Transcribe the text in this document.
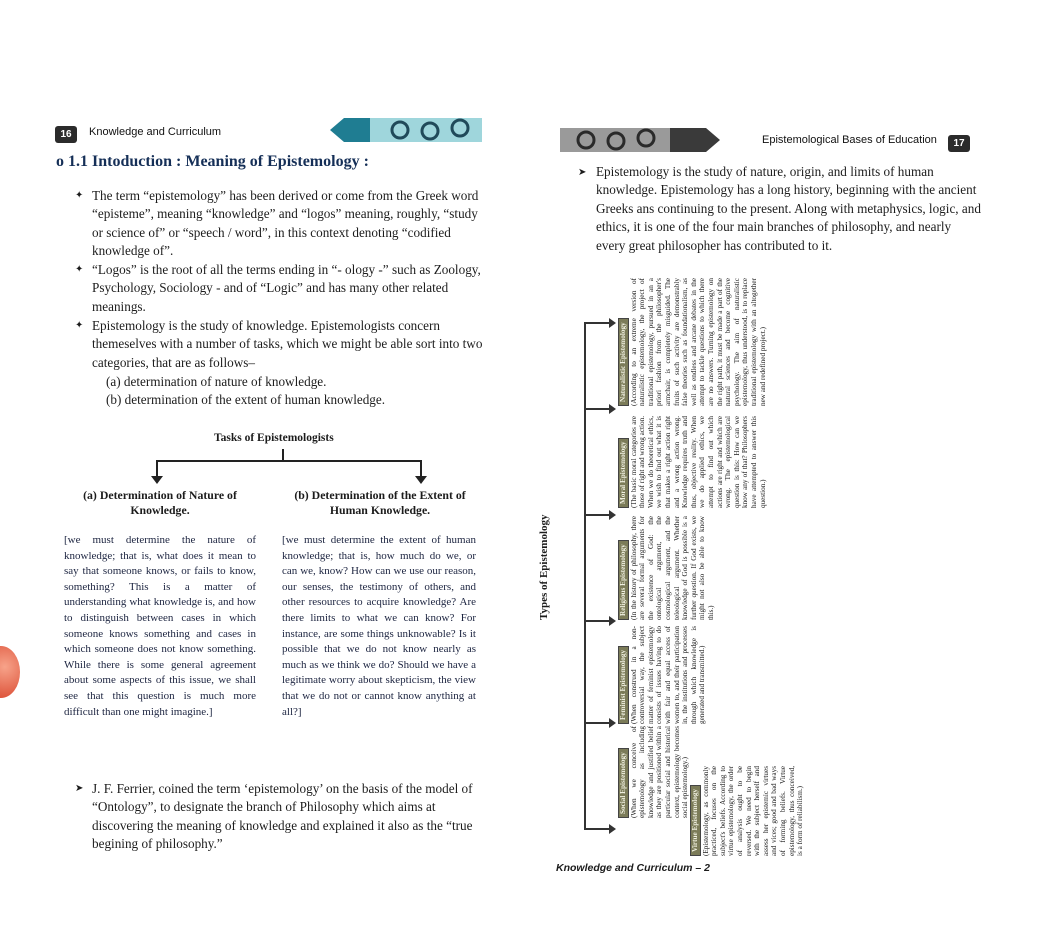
16	Knowledge and Curriculum
o 1.1 Intoduction : Meaning of Epistemology :
✦ The term “epistemology” has been derived or come from the Greek word “episteme”, meaning “knowledge” and “logos” meaning, roughly, “study or science of” or “speech / word”, in this context denoting “codified knowledge of”.
✦ “Logos” is the root of all the terms ending in “- ology -” such as Zoology, Psychology, Sociology - and of “Logic” and has many other related meanings.
✦ Epistemology is the study of knowledge. Epistemologists concern themeselves with a number of tasks, which we might be able sort into two categories, that are as follows–
(a) determination of nature of knowledge.
(b) determination of the extent of human knowledge.
Tasks of Epistemologists
(a) Determination of Nature of Knowledge.
(b) Determination of the Extent of Human Knowledge.
[we must determine the nature of knowledge; that is, what does it mean to say that someone knows, or fails to know, something? This is a matter of understanding what knowledge is, and how to distinguish between cases in which someone knows something and cases in which someone does not know something. While there is some general agreement about some aspects of this issue, we shall see that this question is much more difficult than one might imagine.]
[we must determine the extent of human knowledge; that is, how much do we, or can we, know? How can we use our reason, our senses, the testimony of others, and other resources to acquire knowledge? Are there limits to what we can know? For instance, are some things unknowable? Is it possible that we do not know nearly as much as we think we do? Should we have a legitimate worry about skepticism, the view that we do not or cannot know anything at all?]
➤ J. F. Ferrier, coined the term ‘epistemology’ on the basis of the model of “Ontology”, to designate the branch of Philosophy which aims at discovering the meaning of knowledge and explained it also as the “true begining of philosophy.”
Epistemological Bases of Education	17
➤ Epistemology is the study of nature, origin, and limits of human knowledge. Epistemology has a long history, beginning with the ancient Greeks ans continuing to the present. Along with metaphysics, logic, and ethics, it is one of the four main branches of philosophy, and nearly every great philosopher has contributed to it.
Types of Epistemology
Naturalistic Epistemology (According to an extreme version of naturalistic epistemology, the project of traditional epistemology, pursued in an a priori fashion from the philosopher's armchair, is completely misguided. The fruits of such activity are demonstrably false theories such as foundationalism, as well as endless and arcane debates in the attempt to tackle questions to which there are no answers. Turning epistemology on the right path, it must be made a part of the natural sciences and become cognitive psychology. The aim of naturalistic epistemology, thus understood, is to replace traditional epistemology with an altogether new and redefined project.)
Moral Epistemology (The basic moral categories are those of right and wrong action. When we do theoretical ethics, we wish to find out what it is that makes a right action right and a wrong action wrong. Knowledge requires truth and thus, objective reality. When we do applied ethics, we attempt to find out which actions are right and which are wrong. The epistemological question is this: How can we know any of that? Philosophers have attempted to answer this question.)
Religious Epistemology (In the history of philosophy, there are several formal arguments for the existence of God: the ontological argument, the cosmological argument, and the teleological argument. Whether knowledge of God is possible is a further question. If God exists, we might not also be able to know this.)
Feminist Epistemology (When construed in a non-controversial way, the subject matter of feminist epistemology consists of issues having to do with fair and equal access of women to, and their participation in, the institutions and processes through which knowledge is generated and transmitted.)
Social Epistemology (When we conceive of epistemology as including knowledge and justified belief as they are positioned within a particular social and historical context, epistemology becomes social epistemology.)
Virtue Epistemology (Epistemology, as commonly practiced, focuses on the subject's beliefs. According to virtue epistemology, the order of analysis ought to be reversed. We need to begin with the subject herself and assess her epistemic virtues and vices; good and bad ways of forming beliefs. Virtue epistemology, thus conceived, is a form of reliabilism.)
Knowledge and Curriculum – 2
